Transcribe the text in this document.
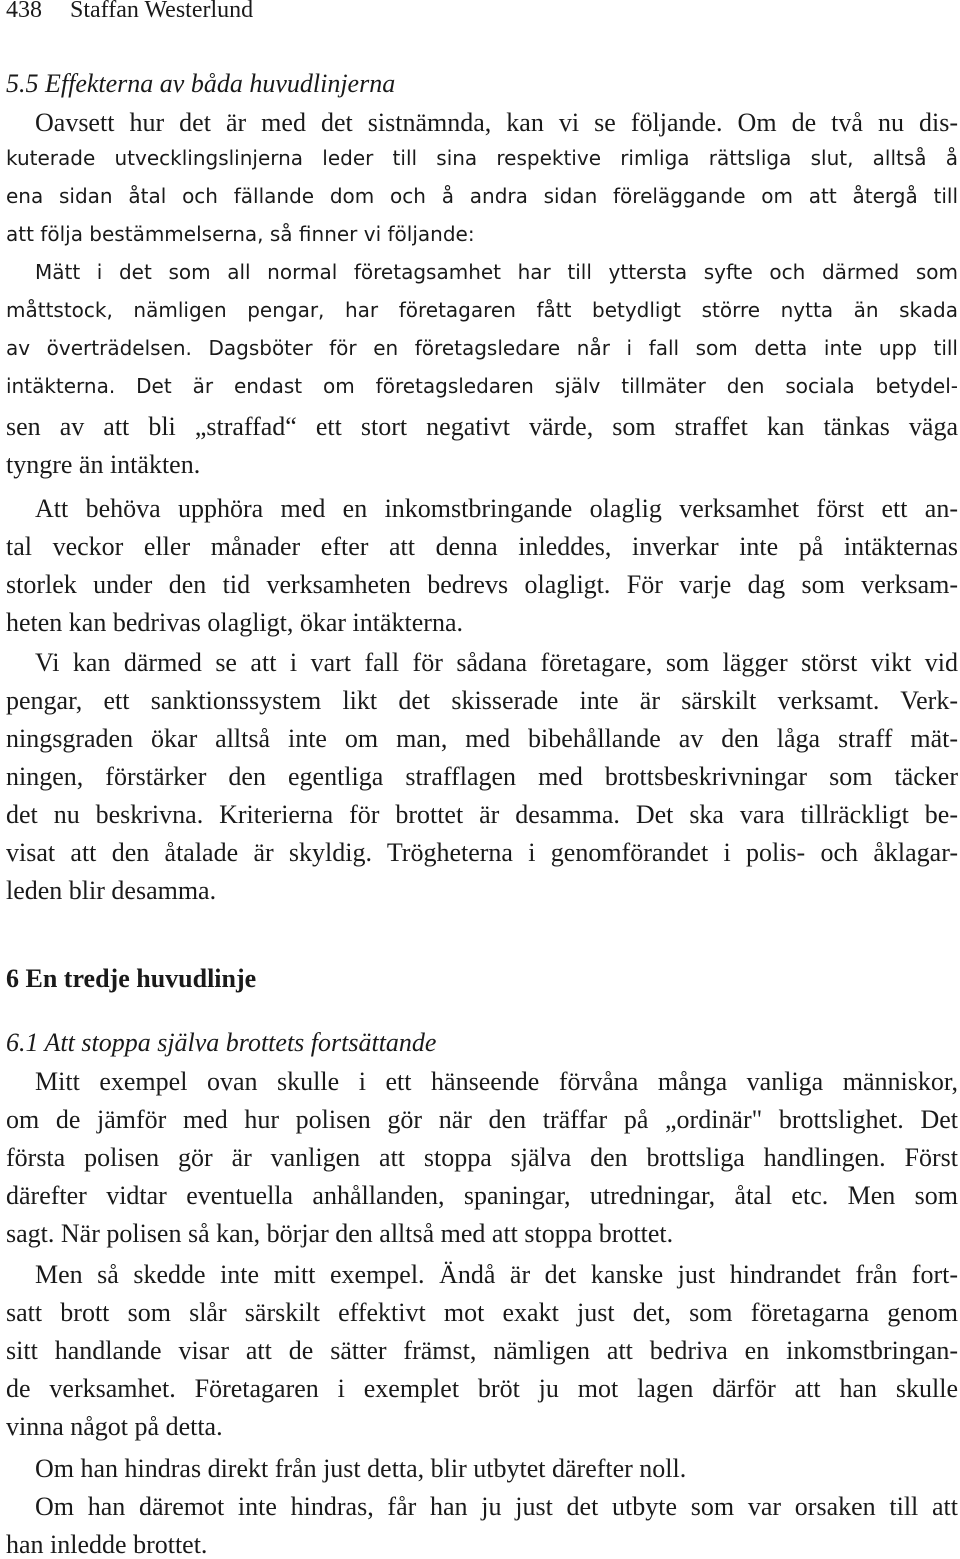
438 Staffan Westerlund
5.5 Effekterna av båda huvudlinjerna
Oavsett hur det är med det sistnämnda, kan vi se följande. Om de två nu dis-
kuterade utvecklingslinjerna leder till sina respektive rimliga rättsliga slut, alltså å
ena sidan åtal och fällande dom och å andra sidan föreläggande om att återgå till
att följa bestämmelserna, så finner vi följande:
Mätt i det som all normal företagsamhet har till yttersta syfte och därmed som
måttstock, nämligen pengar, har företagaren fått betydligt större nytta än skada
av överträdelsen. Dagsböter för en företagsledare når i fall som detta inte upp till
intäkterna. Det är endast om företagsledaren själv tillmäter den sociala betydel-
sen av att bli „straffad“ ett stort negativt värde, som straffet kan tänkas väga
tyngre än intäkten.
Att behöva upphöra med en inkomstbringande olaglig verksamhet först ett an-
tal veckor eller månader efter att denna inleddes, inverkar inte på intäkternas
storlek under den tid verksamheten bedrevs olagligt. För varje dag som verksam-
heten kan bedrivas olagligt, ökar intäkterna.
Vi kan därmed se att i vart fall för sådana företagare, som lägger störst vikt vid
pengar, ett sanktionssystem likt det skisserade inte är särskilt verksamt. Verk-
ningsgraden ökar alltså inte om man, med bibehållande av den låga straff mät-
ningen, förstärker den egentliga strafflagen med brottsbeskrivningar som täcker
det nu beskrivna. Kriterierna för brottet är desamma. Det ska vara tillräckligt be-
visat att den åtalade är skyldig. Trögheterna i genomförandet i polis- och åklagar-
leden blir desamma.
6 En tredje huvudlinje
6.1 Att stoppa själva brottets fortsättande
Mitt exempel ovan skulle i ett hänseende förvåna många vanliga människor,
om de jämför med hur polisen gör när den träffar på „ordinär" brottslighet. Det
första polisen gör är vanligen att stoppa själva den brottsliga handlingen. Först
därefter vidtar eventuella anhållanden, spaningar, utredningar, åtal etc. Men som
sagt. När polisen så kan, börjar den alltså med att stoppa brottet.
Men så skedde inte mitt exempel. Ändå är det kanske just hindrandet från fort-
satt brott som slår särskilt effektivt mot exakt just det, som företagarna genom
sitt handlande visar att de sätter främst, nämligen att bedriva en inkomstbringan-
de verksamhet. Företagaren i exemplet bröt ju mot lagen därför att han skulle
vinna något på detta.
Om han hindras direkt från just detta, blir utbytet därefter noll.
Om han däremot inte hindras, får han ju just det utbyte som var orsaken till att
han inledde brottet.
